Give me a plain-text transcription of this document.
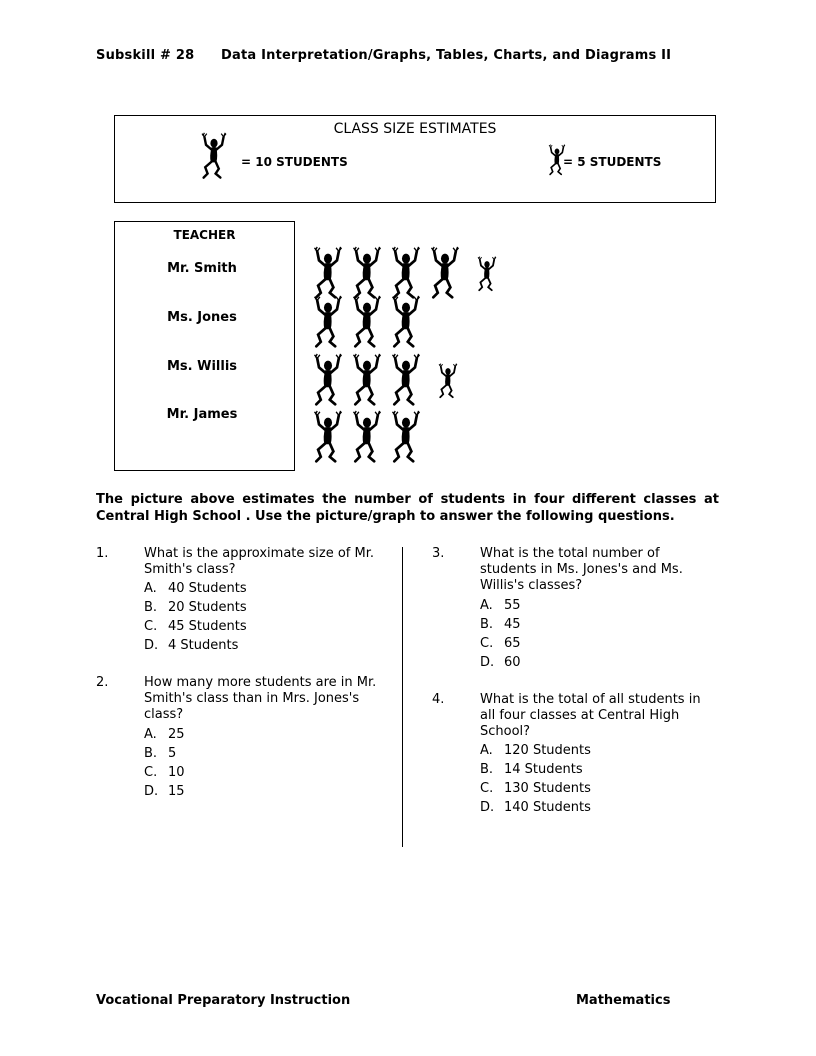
Subskill # 28 Data Interpretation/Graphs, Tables, Charts, and Diagrams II
CLASS SIZE ESTIMATES
= 10 STUDENTS	= 5 STUDENTS
TEACHER
Mr. Smith
Ms. Jones
Ms. Willis
Mr. James
The picture above estimates the number of students in four different classes at Central High School . Use the picture/graph to answer the following questions.
1.	What is the approximate size of Mr. Smith's class?
A. 40 Students
B. 20 Students
C. 45 Students
D. 4 Students
2.	How many more students are in Mr. Smith's class than in Mrs. Jones's class?
A. 25
B. 5
C. 10
D. 15
3.	What is the total number of students in Ms. Jones's and Ms. Willis's classes?
A. 55
B. 45
C. 65
D. 60
4.	What is the total of all students in all four classes at Central High School?
A. 120 Students
B. 14 Students
C. 130 Students
D. 140 Students
Vocational Preparatory Instruction	Mathematics
